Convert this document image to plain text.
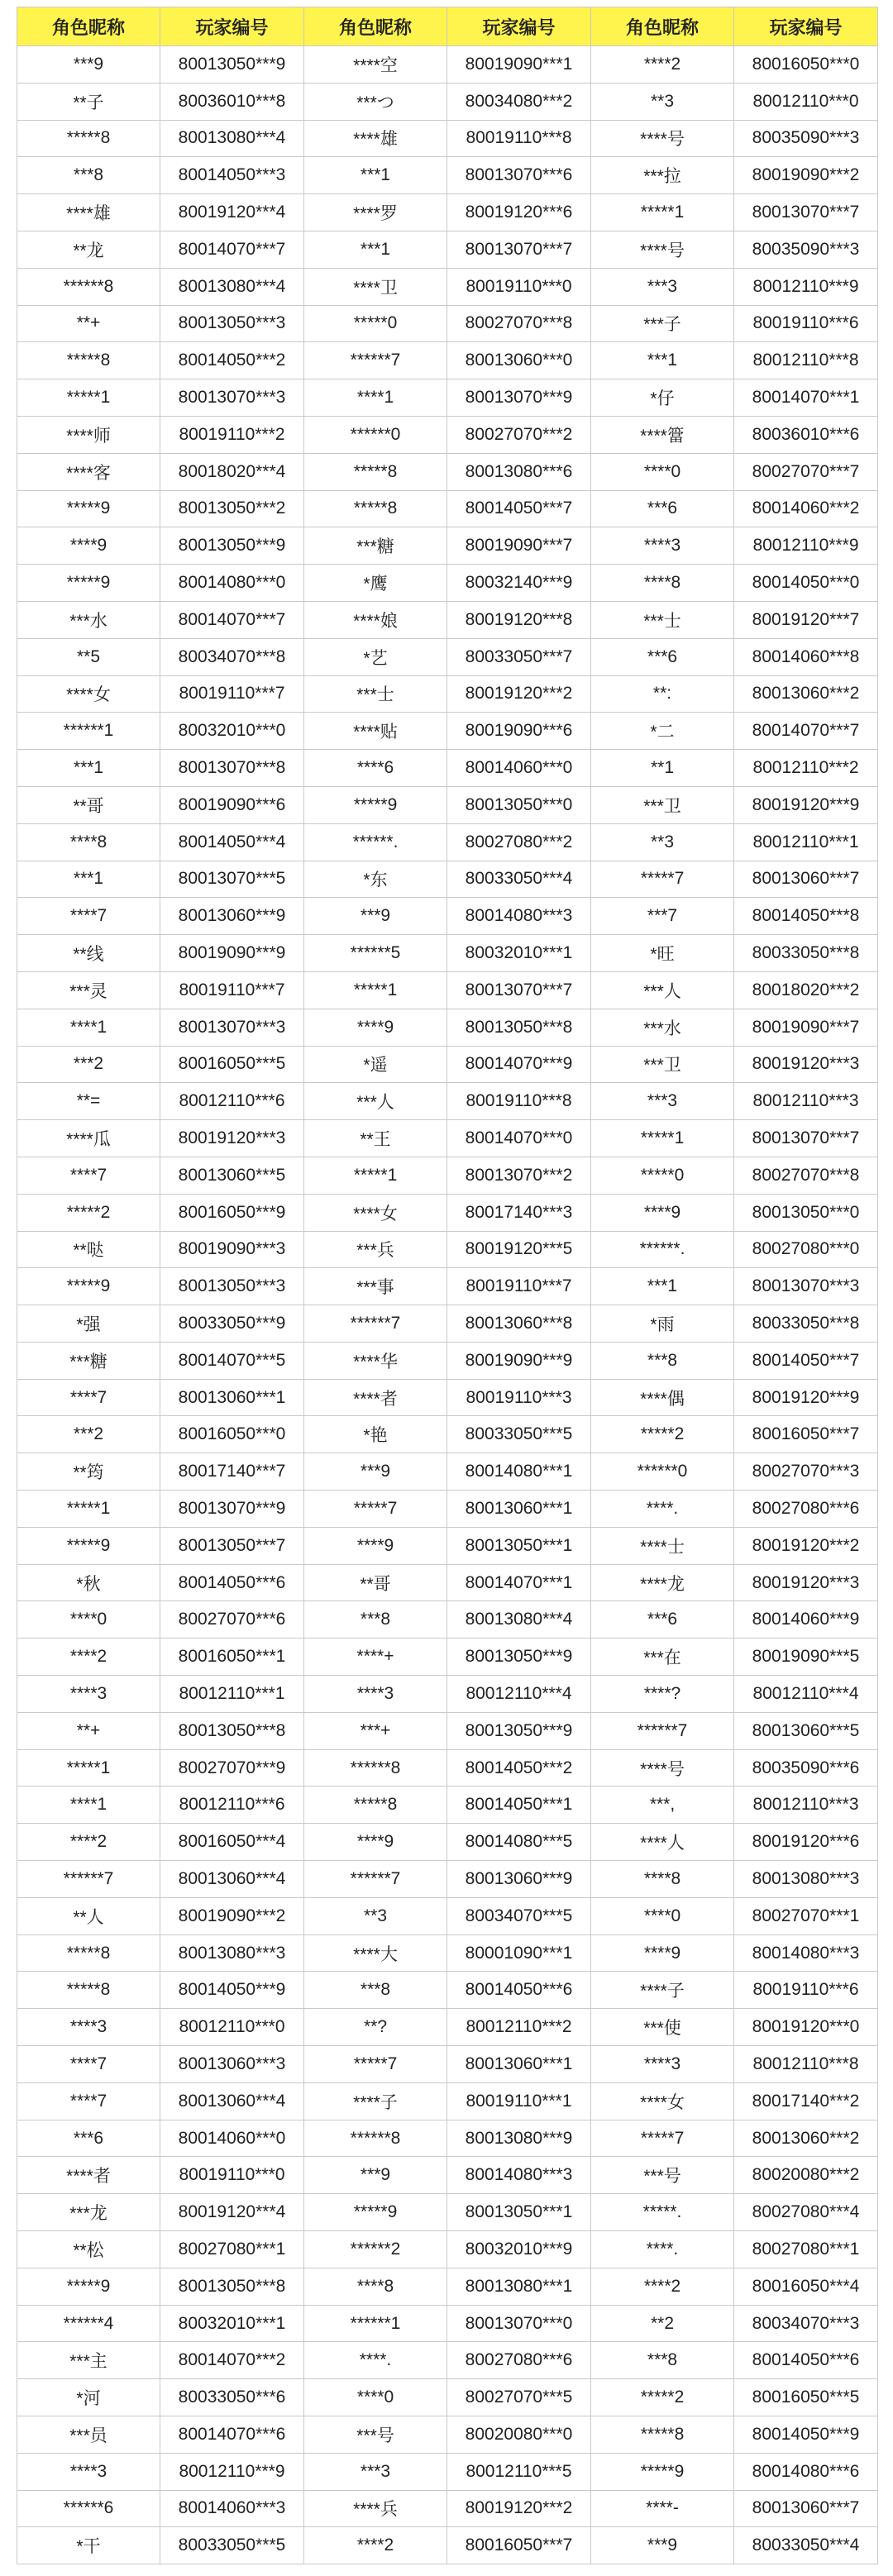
角色昵称	玩家编号	角色昵称	玩家编号	角色昵称	玩家编号
***9	80013050***9	****空	80019090***1	****2	80016050***0
**子	80036010***8	***つ	80034080***2	**3	80012110***0
*****8	80013080***4	****雄	80019110***8	****号	80035090***3
***8	80014050***3	***1	80013070***6	***拉	80019090***2
****雄	80019120***4	****罗	80019120***6	*****1	80013070***7
**龙	80014070***7	***1	80013070***7	****号	80035090***3
******8	80013080***4	****卫	80019110***0	***3	80012110***9
**+	80013050***3	*****0	80027070***8	***子	80019110***6
*****8	80014050***2	******7	80013060***0	***1	80012110***8
*****1	80013070***3	****1	80013070***9	*仔	80014070***1
****师	80019110***2	******0	80027070***2	****簹	80036010***6
****客	80018020***4	*****8	80013080***6	****0	80027070***7
*****9	80013050***2	*****8	80014050***7	***6	80014060***2
****9	80013050***9	***糖	80019090***7	****3	80012110***9
*****9	80014080***0	*鹰	80032140***9	****8	80014050***0
***水	80014070***7	****娘	80019120***8	***士	80019120***7
**5	80034070***8	*艺	80033050***7	***6	80014060***8
****女	80019110***7	***士	80019120***2	**:	80013060***2
******1	80032010***0	****贴	80019090***6	*二	80014070***7
***1	80013070***8	****6	80014060***0	**1	80012110***2
**哥	80019090***6	*****9	80013050***0	***卫	80019120***9
****8	80014050***4	******.	80027080***2	**3	80012110***1
***1	80013070***5	*东	80033050***4	*****7	80013060***7
****7	80013060***9	***9	80014080***3	***7	80014050***8
**线	80019090***9	******5	80032010***1	*旺	80033050***8
***灵	80019110***7	*****1	80013070***7	***人	80018020***2
****1	80013070***3	****9	80013050***8	***水	80019090***7
***2	80016050***5	*遥	80014070***9	***卫	80019120***3
**=	80012110***6	***人	80019110***8	***3	80012110***3
****瓜	80019120***3	**王	80014070***0	*****1	80013070***7
****7	80013060***5	*****1	80013070***2	*****0	80027070***8
*****2	80016050***9	****女	80017140***3	****9	80013050***0
**哒	80019090***3	***兵	80019120***5	******.	80027080***0
*****9	80013050***3	***事	80019110***7	***1	80013070***3
*强	80033050***9	******7	80013060***8	*雨	80033050***8
***糖	80014070***5	****华	80019090***9	***8	80014050***7
****7	80013060***1	****者	80019110***3	****偶	80019120***9
***2	80016050***0	*艳	80033050***5	*****2	80016050***7
**筠	80017140***7	***9	80014080***1	******0	80027070***3
*****1	80013070***9	*****7	80013060***1	****.	80027080***6
*****9	80013050***7	****9	80013050***1	****士	80019120***2
*秋	80014050***6	**哥	80014070***1	****龙	80019120***3
****0	80027070***6	***8	80013080***4	***6	80014060***9
****2	80016050***1	****+	80013050***9	***在	80019090***5
****3	80012110***1	****3	80012110***4	****?	80012110***4
**+	80013050***8	***+	80013050***9	******7	80013060***5
*****1	80027070***9	******8	80014050***2	****号	80035090***6
****1	80012110***6	*****8	80014050***1	***,	80012110***3
****2	80016050***4	****9	80014080***5	****人	80019120***6
******7	80013060***4	******7	80013060***9	****8	80013080***3
**人	80019090***2	**3	80034070***5	****0	80027070***1
*****8	80013080***3	****大	80001090***1	****9	80014080***3
*****8	80014050***9	***8	80014050***6	****子	80019110***6
****3	80012110***0	**?	80012110***2	***使	80019120***0
****7	80013060***3	*****7	80013060***1	****3	80012110***8
****7	80013060***4	****子	80019110***1	****女	80017140***2
***6	80014060***0	******8	80013080***9	*****7	80013060***2
****者	80019110***0	***9	80014080***3	***号	80020080***2
***龙	80019120***4	*****9	80013050***1	*****.	80027080***4
**松	80027080***1	******2	80032010***9	****.	80027080***1
*****9	80013050***8	****8	80013080***1	****2	80016050***4
******4	80032010***1	******1	80013070***0	**2	80034070***3
***主	80014070***2	****.	80027080***6	***8	80014050***6
*河	80033050***6	****0	80027070***5	*****2	80016050***5
***员	80014070***6	***号	80020080***0	*****8	80014050***9
****3	80012110***9	***3	80012110***5	*****9	80014080***6
******6	80014060***3	****兵	80019120***2	****-	80013060***7
*干	80033050***5	****2	80016050***7	***9	80033050***4
